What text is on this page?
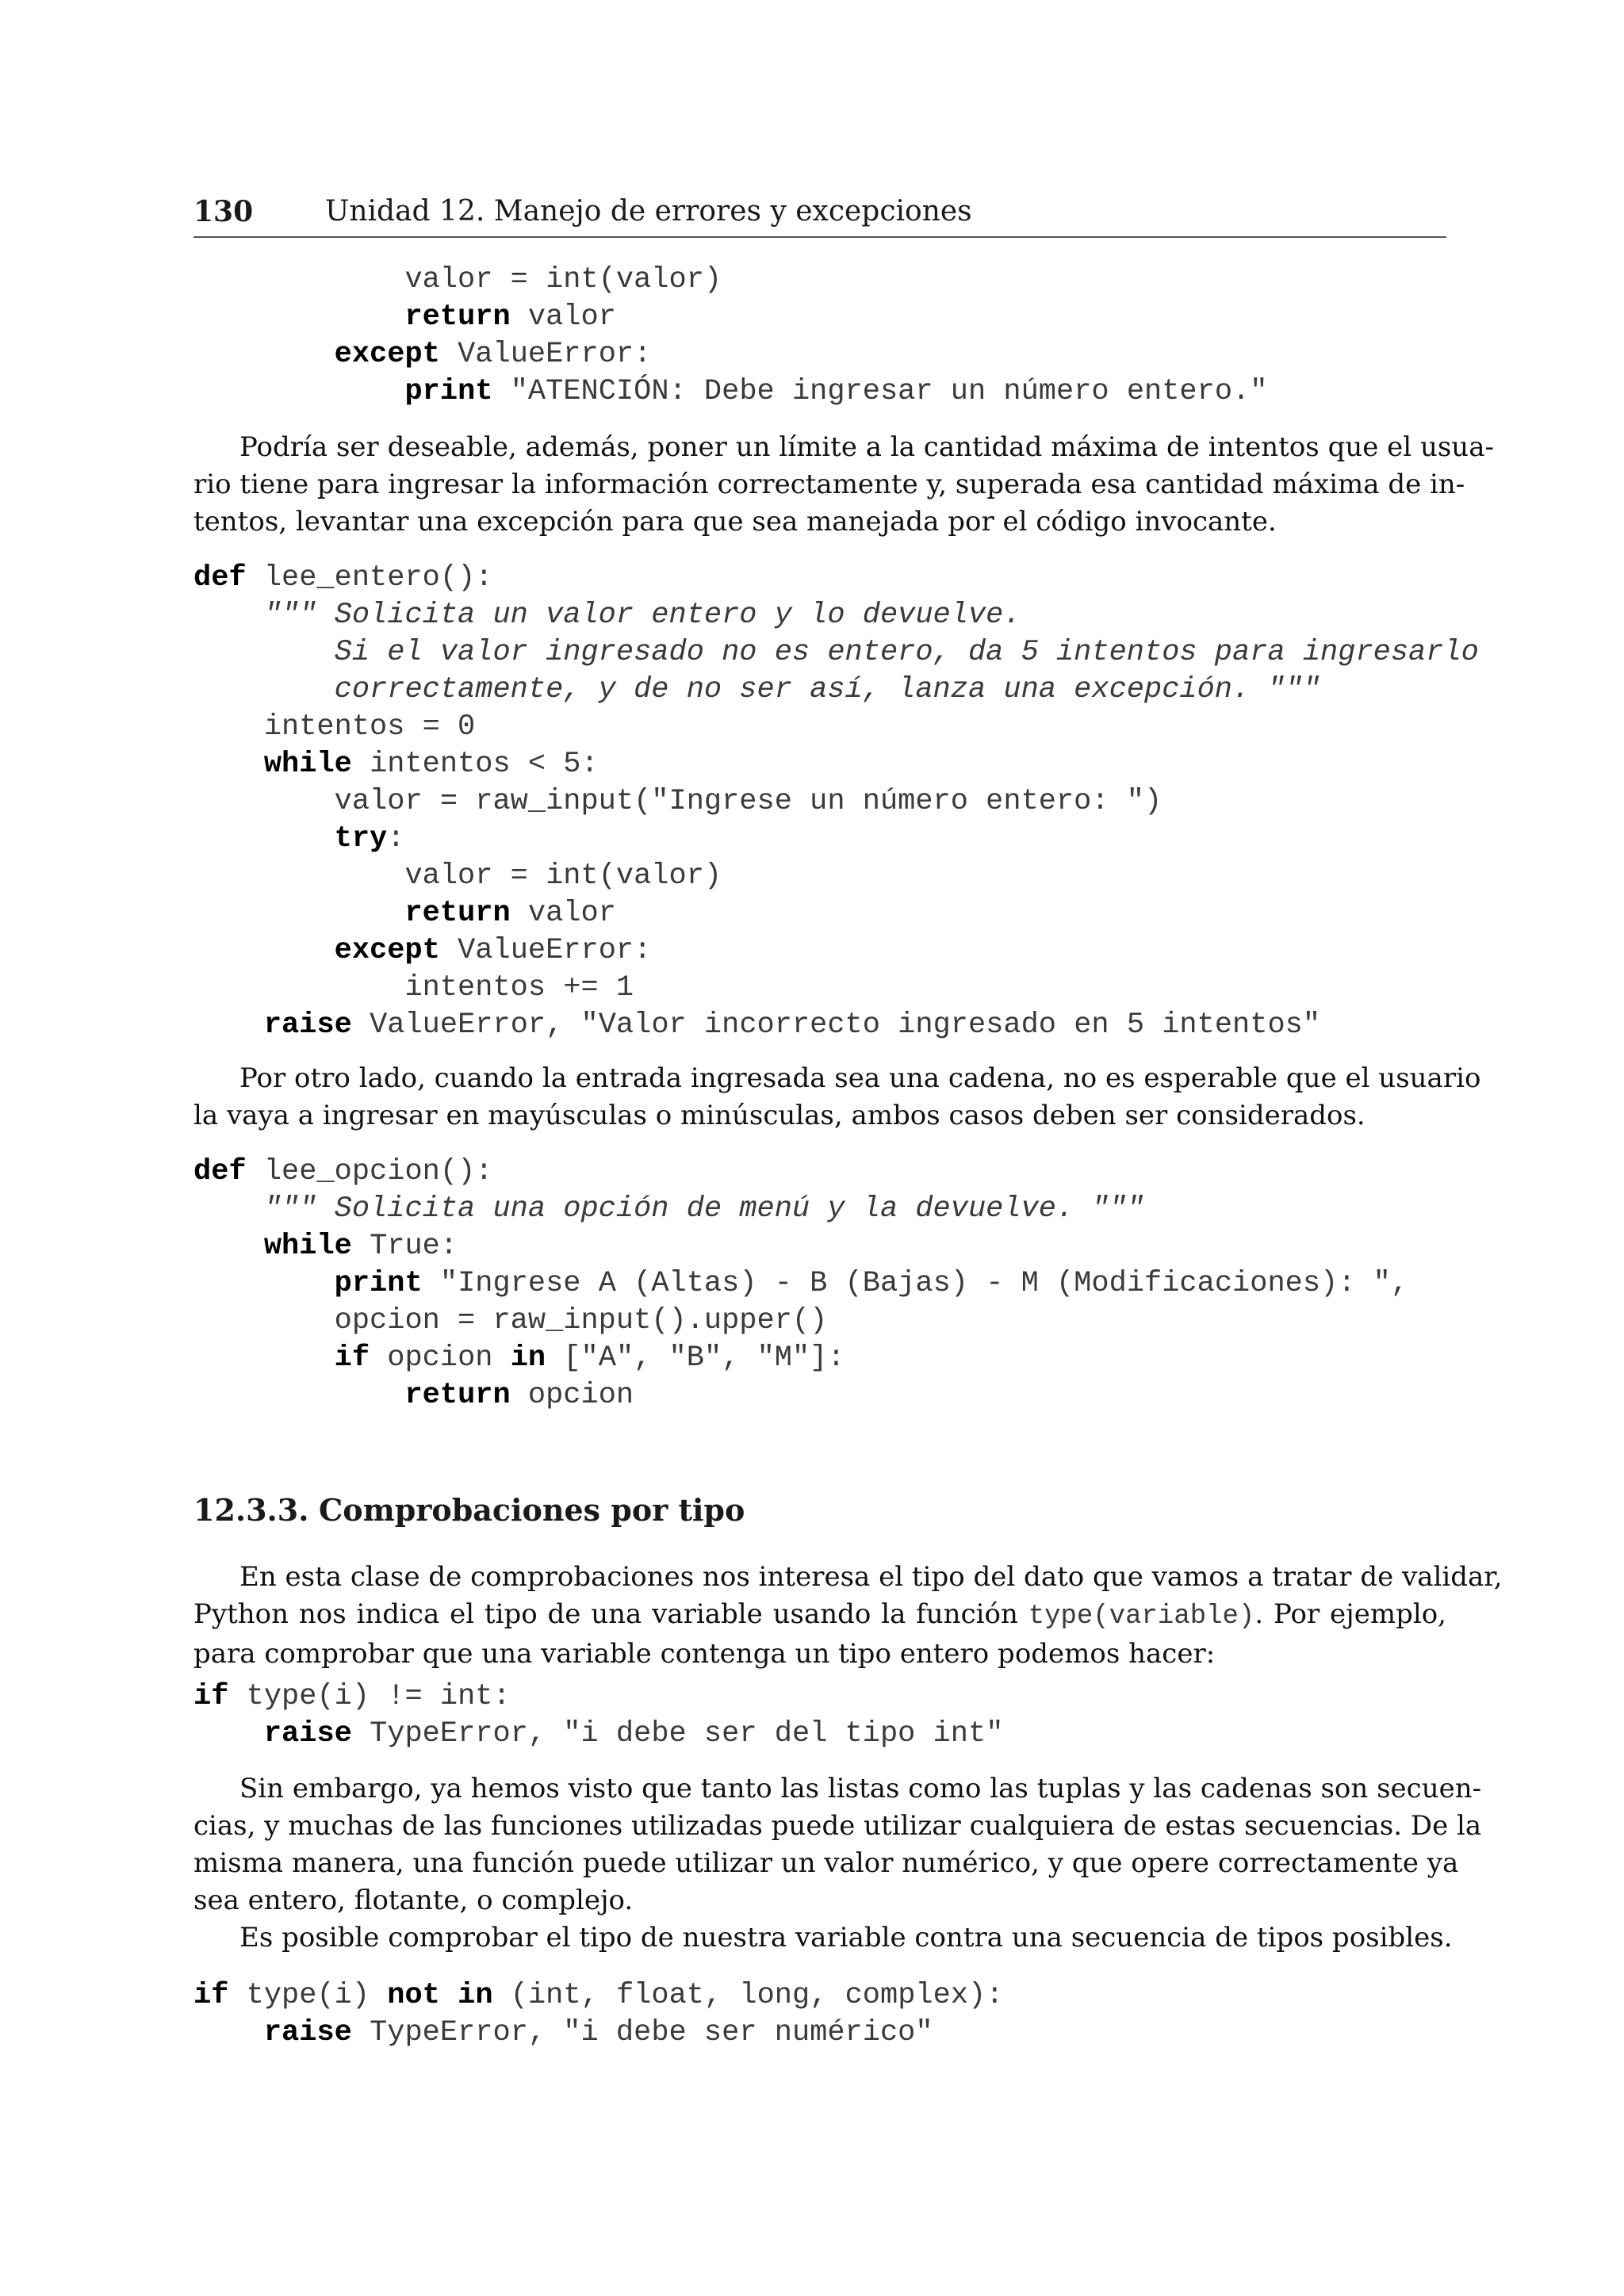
130	Unidad 12. Manejo de errores y excepciones
valor = int(valor)
return valor
except ValueError:
print "ATENCIÓN: Debe ingresar un número entero."
Podría ser deseable, además, poner un límite a la cantidad máxima de intentos que el usua-
rio tiene para ingresar la información correctamente y, superada esa cantidad máxima de in-
tentos, levantar una excepción para que sea manejada por el código invocante.
def lee_entero():
""" Solicita un valor entero y lo devuelve.
Si el valor ingresado no es entero, da 5 intentos para ingresarlo
correctamente, y de no ser así, lanza una excepción. """
intentos = 0
while intentos < 5:
valor = raw_input("Ingrese un número entero: ")
try:
valor = int(valor)
return valor
except ValueError:
intentos += 1
raise ValueError, "Valor incorrecto ingresado en 5 intentos"
Por otro lado, cuando la entrada ingresada sea una cadena, no es esperable que el usuario
la vaya a ingresar en mayúsculas o minúsculas, ambos casos deben ser considerados.
def lee_opcion():
""" Solicita una opción de menú y la devuelve. """
while True:
print "Ingrese A (Altas) - B (Bajas) - M (Modificaciones): ",
opcion = raw_input().upper()
if opcion in ["A", "B", "M"]:
return opcion
12.3.3. Comprobaciones por tipo
En esta clase de comprobaciones nos interesa el tipo del dato que vamos a tratar de validar,
Python nos indica el tipo de una variable usando la función type(variable). Por ejemplo,
para comprobar que una variable contenga un tipo entero podemos hacer:
if type(i) != int:
raise TypeError, "i debe ser del tipo int"
Sin embargo, ya hemos visto que tanto las listas como las tuplas y las cadenas son secuen-
cias, y muchas de las funciones utilizadas puede utilizar cualquiera de estas secuencias. De la
misma manera, una función puede utilizar un valor numérico, y que opere correctamente ya
sea entero, flotante, o complejo.
Es posible comprobar el tipo de nuestra variable contra una secuencia de tipos posibles.
if type(i) not in (int, float, long, complex):
raise TypeError, "i debe ser numérico"
